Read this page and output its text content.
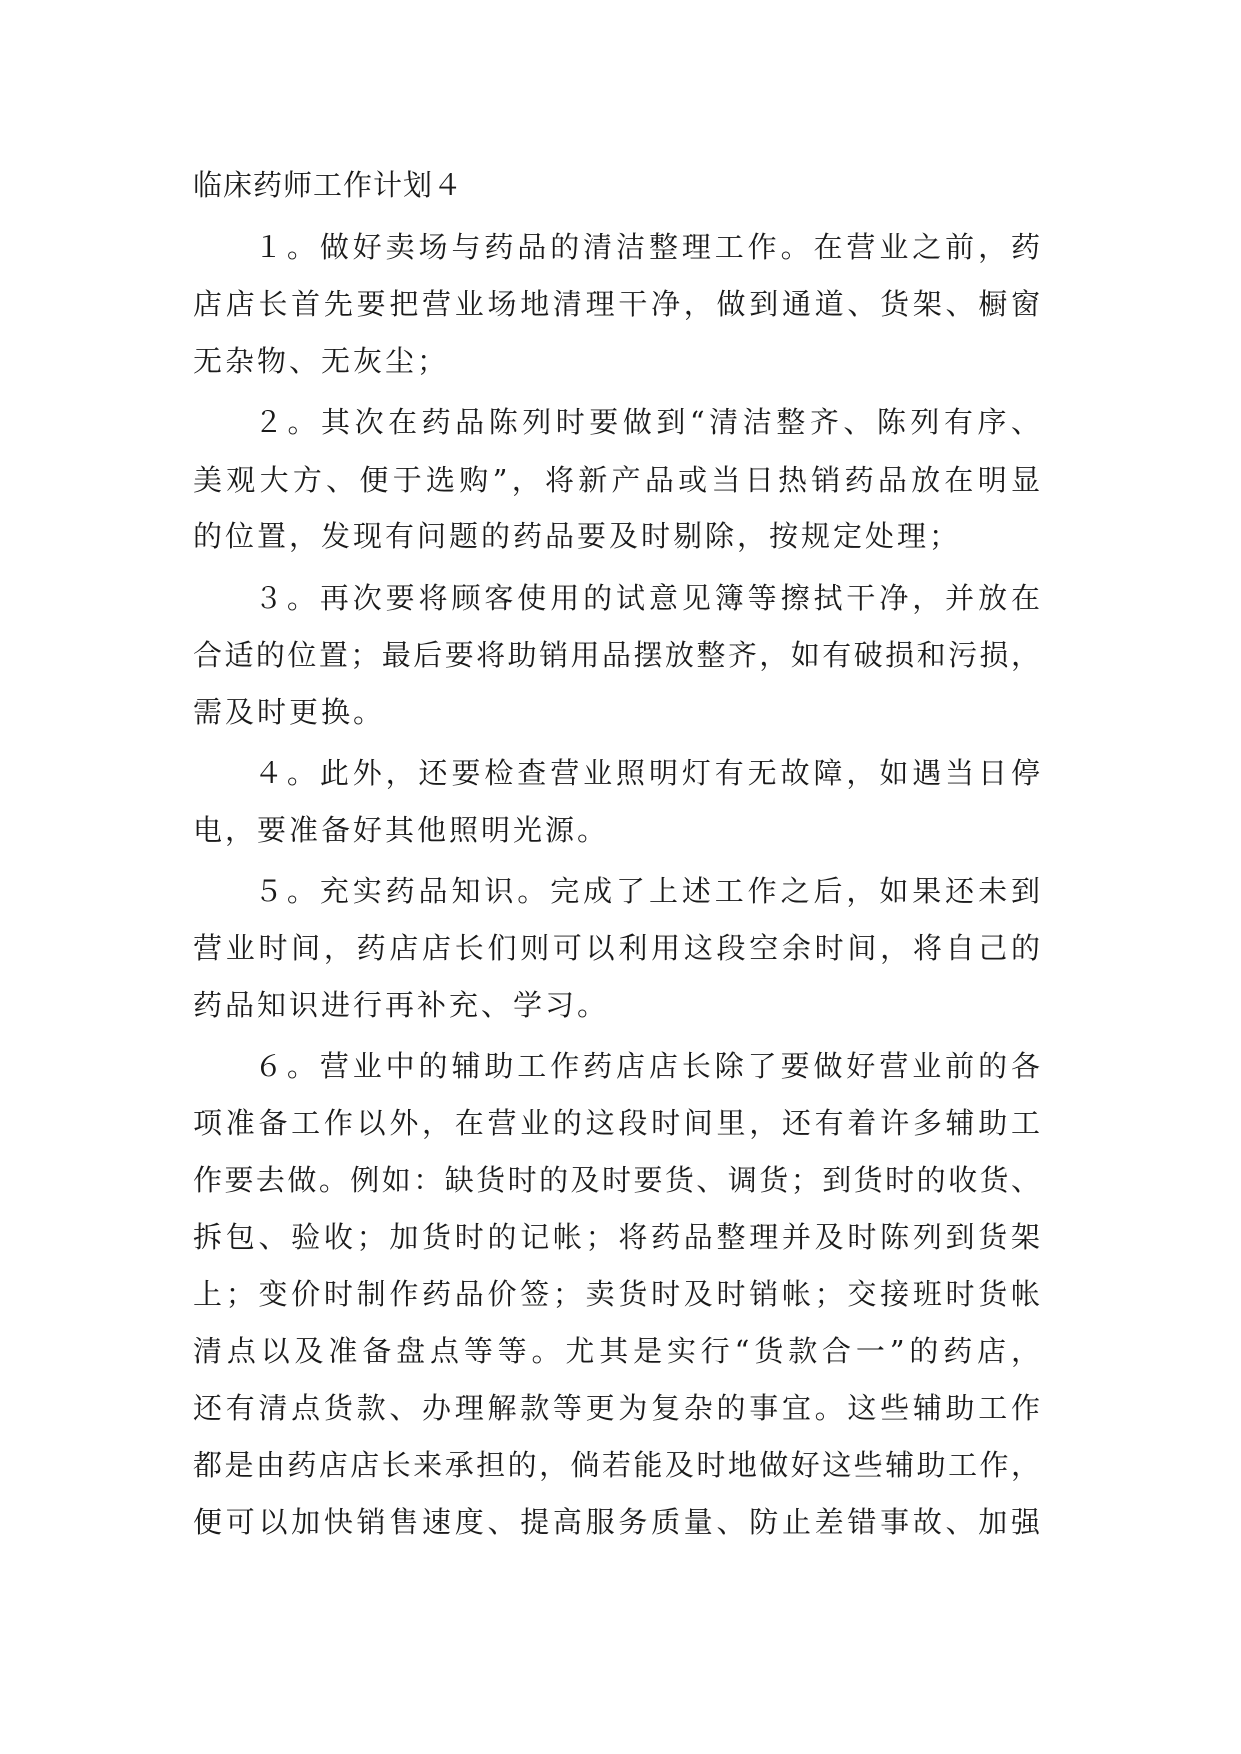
临床药师工作计划４
１。做好卖场与药品的清洁整理工作。在营业之前，药
店店长首先要把营业场地清理干净，做到通道、货架、橱窗
无杂物、无灰尘；
２。其次在药品陈列时要做到“清洁整齐、陈列有序、
美观大方、便于选购”，将新产品或当日热销药品放在明显
的位置，发现有问题的药品要及时剔除，按规定处理；
３。再次要将顾客使用的试意见簿等擦拭干净，并放在
合适的位置；最后要将助销用品摆放整齐，如有破损和污损，
需及时更换。
４。此外，还要检查营业照明灯有无故障，如遇当日停
电，要准备好其他照明光源。
５。充实药品知识。完成了上述工作之后，如果还未到
营业时间，药店店长们则可以利用这段空余时间，将自己的
药品知识进行再补充、学习。
６。营业中的辅助工作药店店长除了要做好营业前的各
项准备工作以外，在营业的这段时间里，还有着许多辅助工
作要去做。例如：缺货时的及时要货、调货；到货时的收货、
拆包、验收；加货时的记帐；将药品整理并及时陈列到货架
上；变价时制作药品价签；卖货时及时销帐；交接班时货帐
清点以及准备盘点等等。尤其是实行“货款合一”的药店，
还有清点货款、办理解款等更为复杂的事宜。这些辅助工作
都是由药店店长来承担的，倘若能及时地做好这些辅助工作，
便可以加快销售速度、提高服务质量、防止差错事故、加强
